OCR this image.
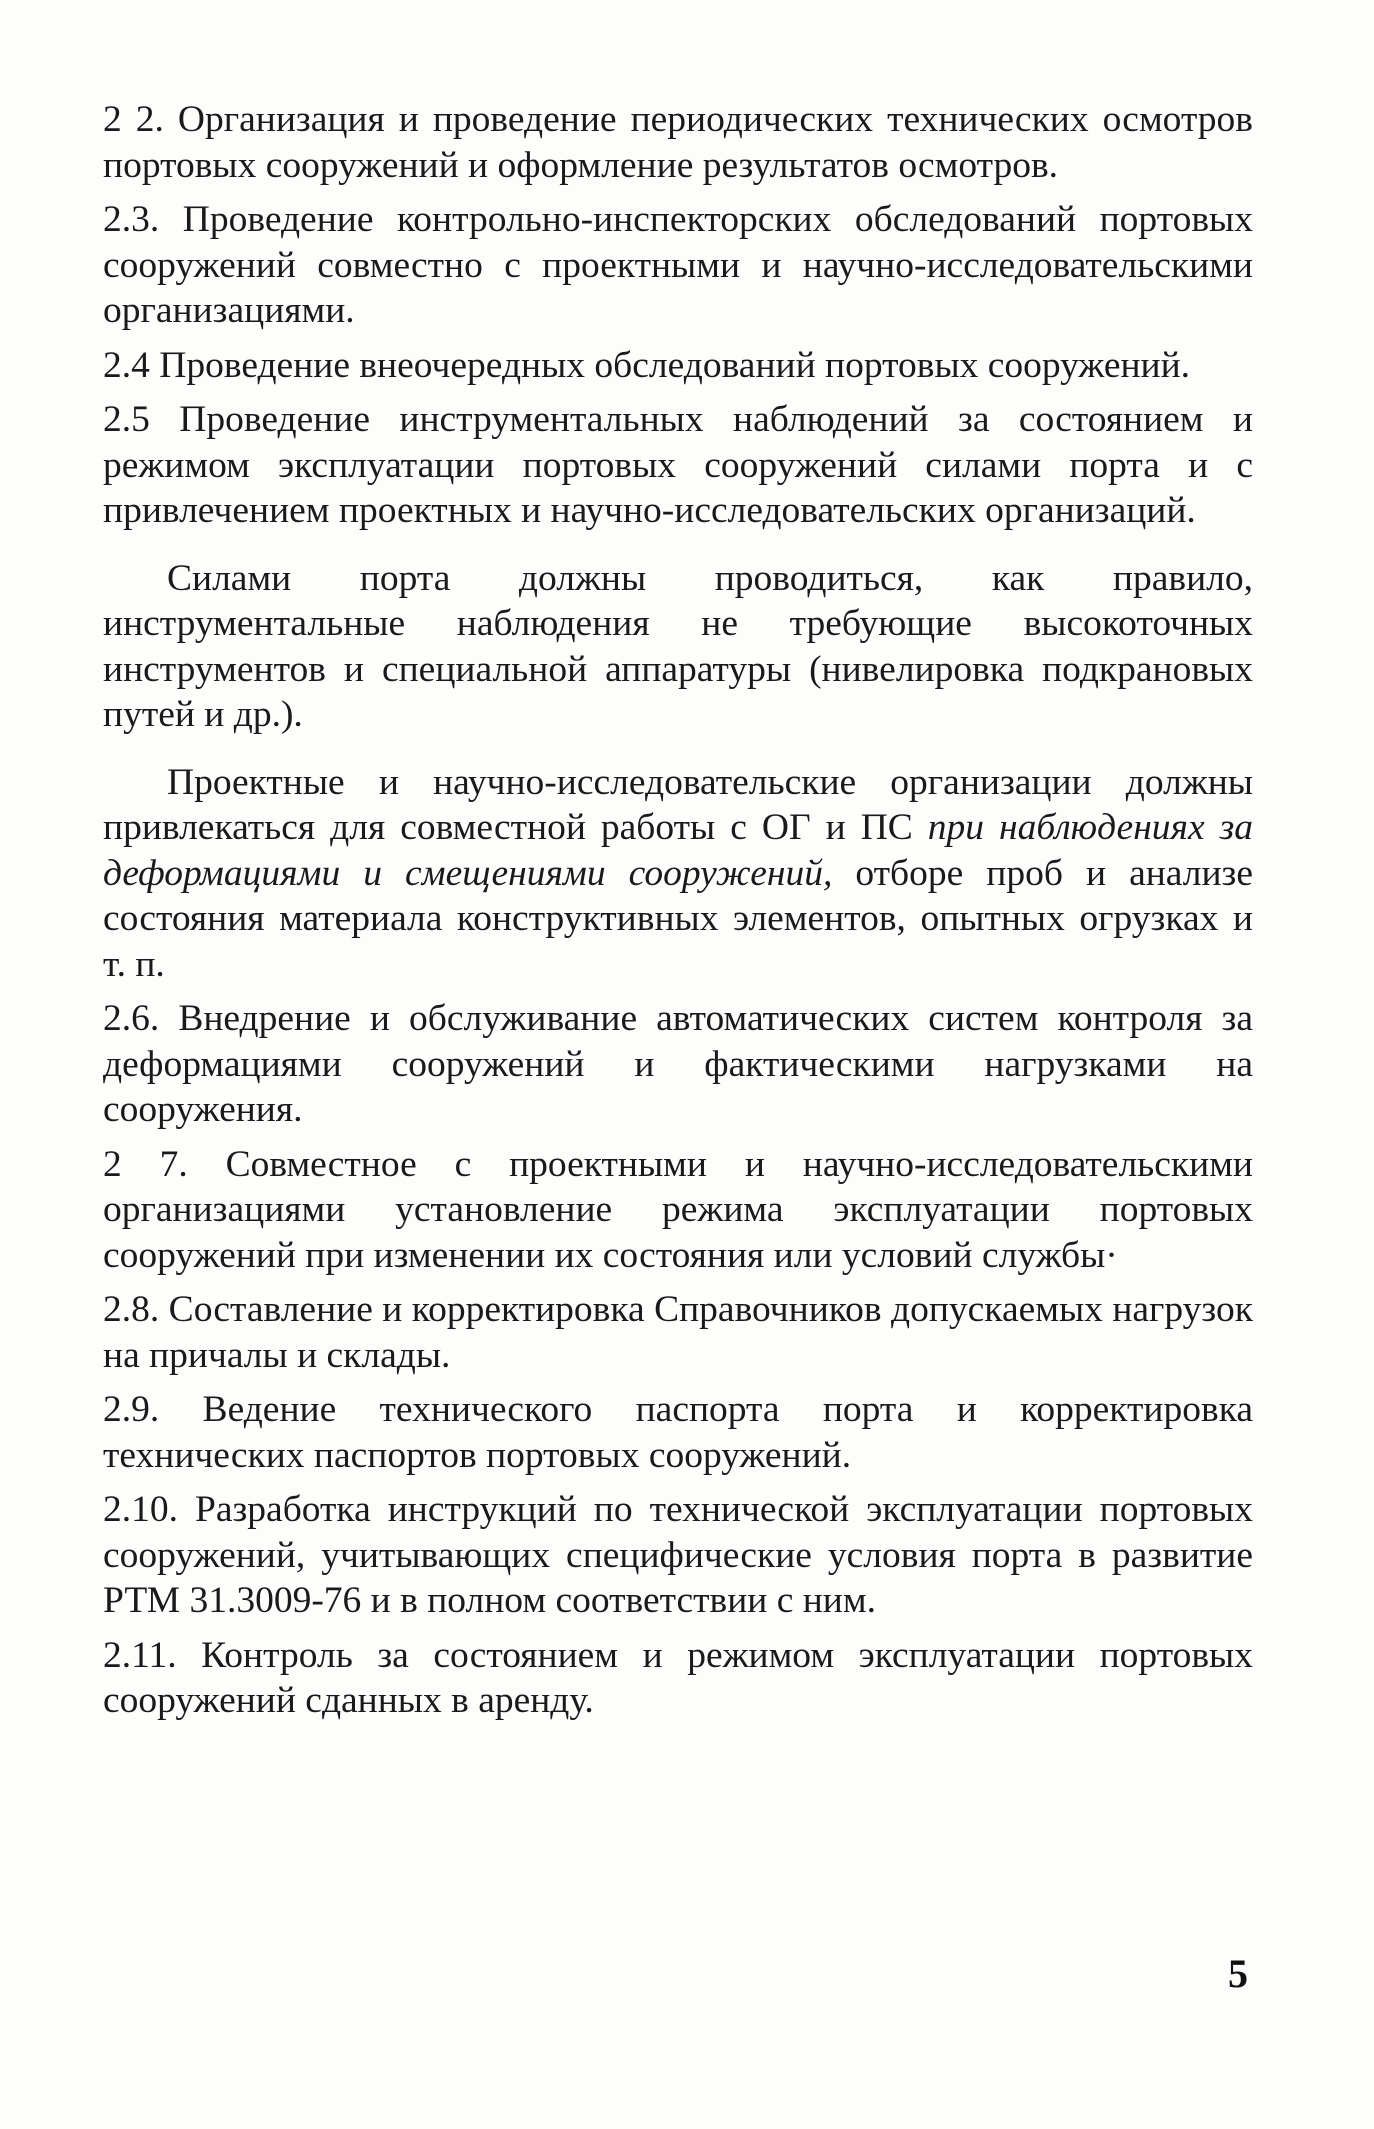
2 2. Организация и проведение периодических технических осмотров портовых сооружений и оформление результатов осмотров.

2.3. Проведение контрольно-инспекторских обследований портовых сооружений совместно с проектными и научно-исследовательскими организациями.

2.4 Проведение внеочередных обследований портовых сооружений.

2.5 Проведение инструментальных наблюдений за состоянием и режимом эксплуатации портовых сооружений силами порта и с привлечением проектных и научно-исследовательских организаций.

Силами порта должны проводиться, как правило, инструментальные наблюдения не требующие высокоточных инструментов и специальной аппаратуры (нивелировка подкрановых путей и др.).

Проектные и научно-исследовательские организации должны привлекаться для совместной работы с ОГ и ПС при наблюдениях за деформациями и смещениями сооружений, отборе проб и анализе состояния материала конструктивных элементов, опытных огрузках и т. п.

2.6. Внедрение и обслуживание автоматических систем контроля за деформациями сооружений и фактическими нагрузками на сооружения.

2 7. Совместное с проектными и научно-исследовательскими организациями установление режима эксплуатации портовых сооружений при изменении их состояния или условий службы·

2.8. Составление и корректировка Справочников допускаемых нагрузок на причалы и склады.

2.9. Ведение технического паспорта порта и корректировка технических паспортов портовых сооружений.

2.10. Разработка инструкций по технической эксплуатации портовых сооружений, учитывающих специфические условия порта в развитие РТМ 31.3009-76 и в полном соответствии с ним.

2.11. Контроль за состоянием и режимом эксплуатации портовых сооружений сданных в аренду.

5
